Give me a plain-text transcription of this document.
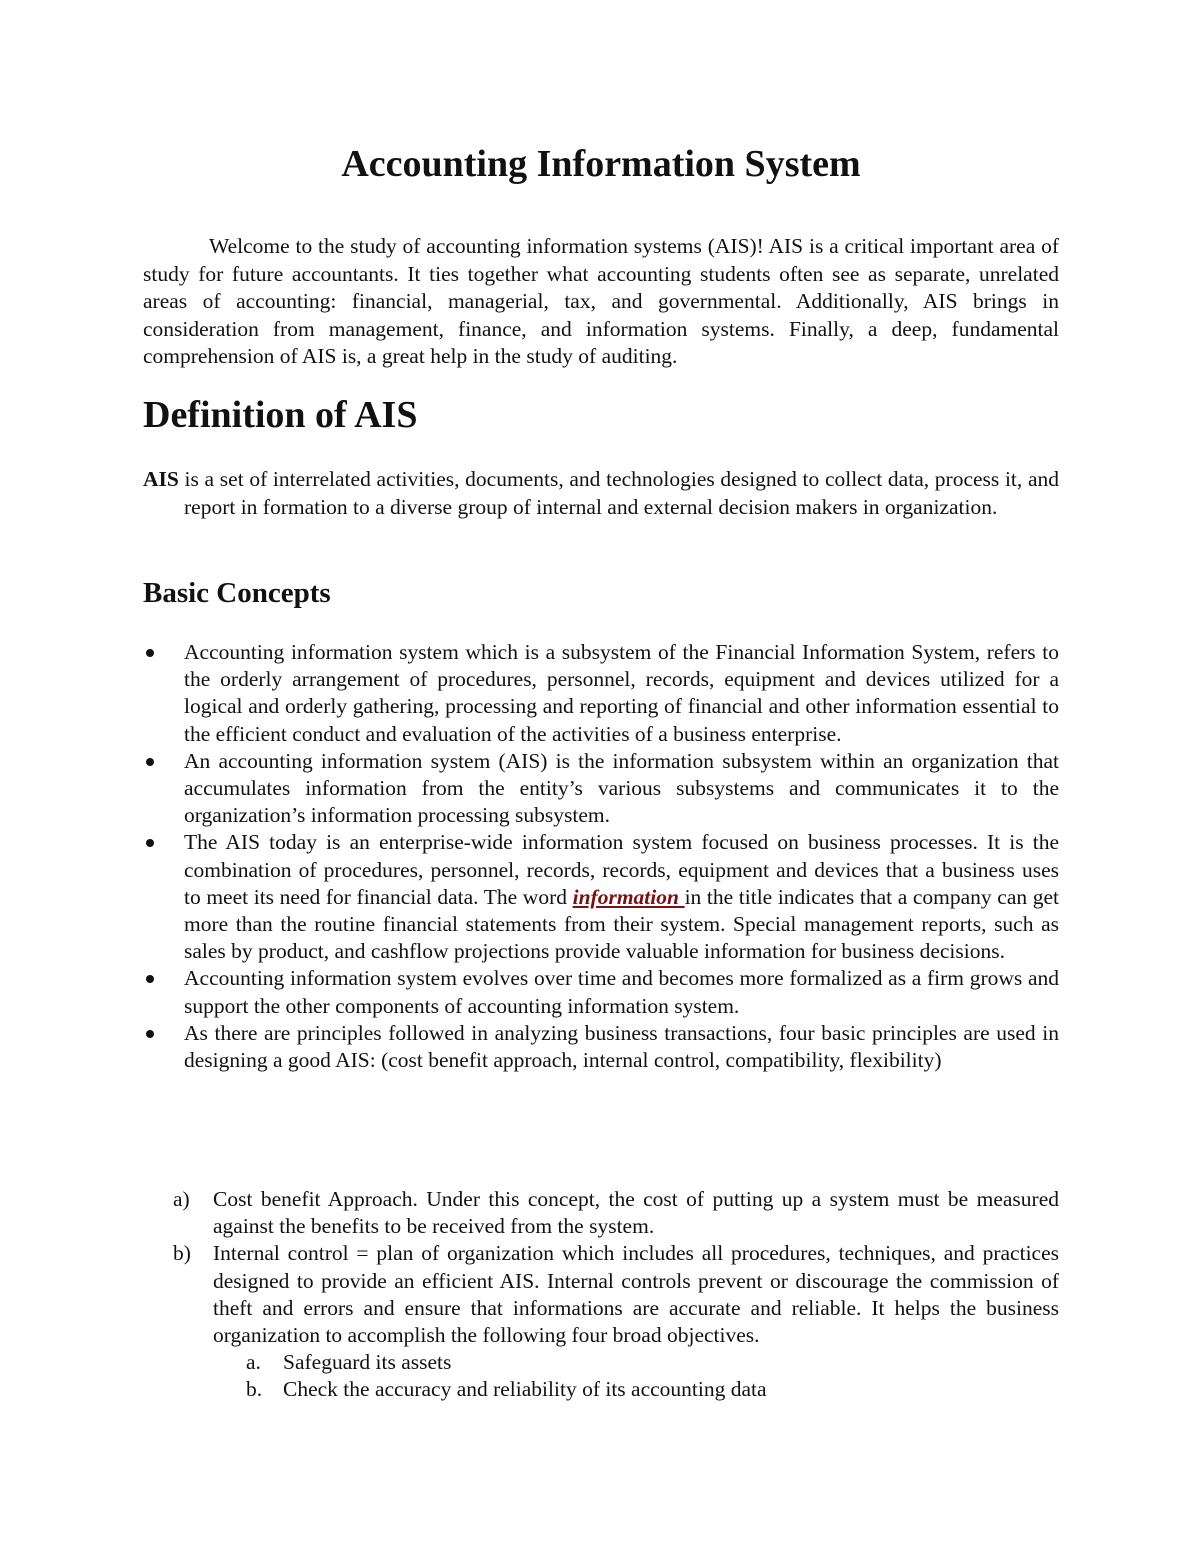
Accounting Information System

Welcome to the study of accounting information systems (AIS)! AIS is a critical important area of study for future accountants. It ties together what accounting students often see as separate, unrelated areas of accounting: financial, managerial, tax, and governmental. Additionally, AIS brings in consideration from management, finance, and information systems. Finally, a deep, fundamental comprehension of AIS is, a great help in the study of auditing.

Definition of AIS

AIS is a set of interrelated activities, documents, and technologies designed to collect data, process it, and report in formation to a diverse group of internal and external decision makers in organization.

Basic Concepts
Accounting information system which is a subsystem of the Financial Information System, refers to the orderly arrangement of procedures, personnel, records, equipment and devices utilized for a logical and orderly gathering, processing and reporting of financial and other information essential to the efficient conduct and evaluation of the activities of a business enterprise.
An accounting information system (AIS) is the information subsystem within an organization that accumulates information from the entity’s various subsystems and communicates it to the organization’s information processing subsystem.
The AIS today is an enterprise-wide information system focused on business processes. It is the combination of procedures, personnel, records, records, equipment and devices that a business uses to meet its need for financial data. The word information in the title indicates that a company can get more than the routine financial statements from their system. Special management reports, such as sales by product, and cashflow projections provide valuable information for business decisions.
Accounting information system evolves over time and becomes more formalized as a firm grows and support the other components of accounting information system.
As there are principles followed in analyzing business transactions, four basic principles are used in designing a good AIS: (cost benefit approach, internal control, compatibility, flexibility)
a) Cost benefit Approach. Under this concept, the cost of putting up a system must be measured against the benefits to be received from the system.
b) Internal control = plan of organization which includes all procedures, techniques, and practices designed to provide an efficient AIS. Internal controls prevent or discourage the commission of theft and errors and ensure that informations are accurate and reliable. It helps the business organization to accomplish the following four broad objectives.
a. Safeguard its assets
b. Check the accuracy and reliability of its accounting data
